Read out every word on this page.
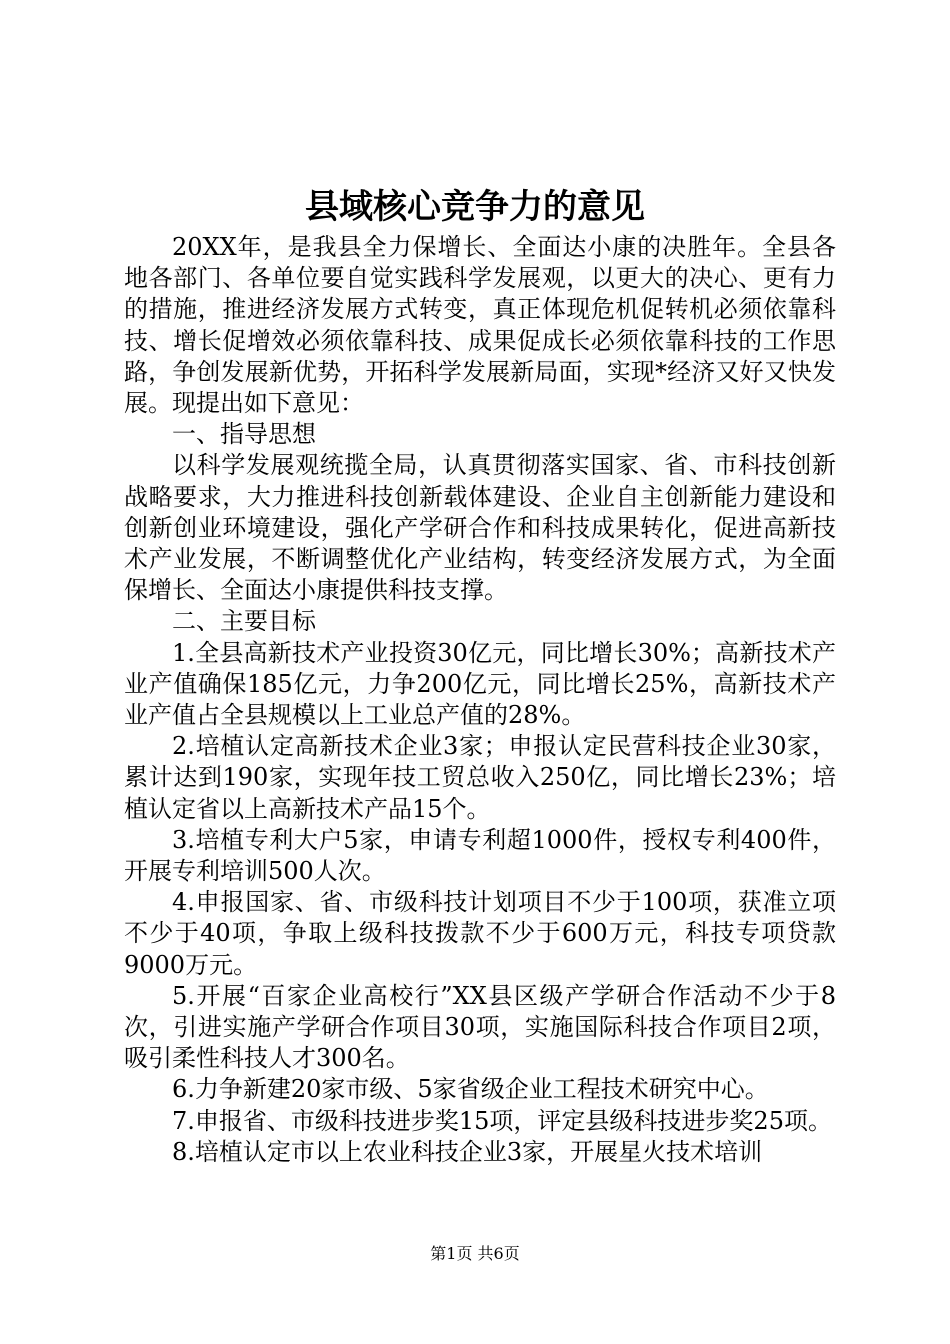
县域核心竞争力的意见

20XX年，是我县全力保增长、全面达小康的决胜年。全县各地各部门、各单位要自觉实践科学发展观，以更大的决心、更有力的措施，推进经济发展方式转变，真正体现危机促转机必须依靠科技、增长促增效必须依靠科技、成果促成长必须依靠科技的工作思路，争创发展新优势，开拓科学发展新局面，实现*经济又好又快发展。现提出如下意见：

一、指导思想

以科学发展观统揽全局，认真贯彻落实国家、省、市科技创新战略要求，大力推进科技创新载体建设、企业自主创新能力建设和创新创业环境建设，强化产学研合作和科技成果转化，促进高新技术产业发展，不断调整优化产业结构，转变经济发展方式，为全面保增长、全面达小康提供科技支撑。

二、主要目标

1.全县高新技术产业投资30亿元，同比增长30%；高新技术产业产值确保185亿元，力争200亿元，同比增长25%，高新技术产业产值占全县规模以上工业总产值的28%。

2.培植认定高新技术企业3家；申报认定民营科技企业30家，累计达到190家，实现年技工贸总收入250亿，同比增长23%；培植认定省以上高新技术产品15个。

3.培植专利大户5家，申请专利超1000件，授权专利400件，开展专利培训500人次。

4.申报国家、省、市级科技计划项目不少于100项，获准立项不少于40项，争取上级科技拨款不少于600万元，科技专项贷款9000万元。

5.开展“百家企业高校行”XX县区级产学研合作活动不少于8次，引进实施产学研合作项目30项，实施国际科技合作项目2项，吸引柔性科技人才300名。

6.力争新建20家市级、5家省级企业工程技术研究中心。

7.申报省、市级科技进步奖15项，评定县级科技进步奖25项。

8.培植认定市以上农业科技企业3家，开展星火技术培训

第1页 共6页
